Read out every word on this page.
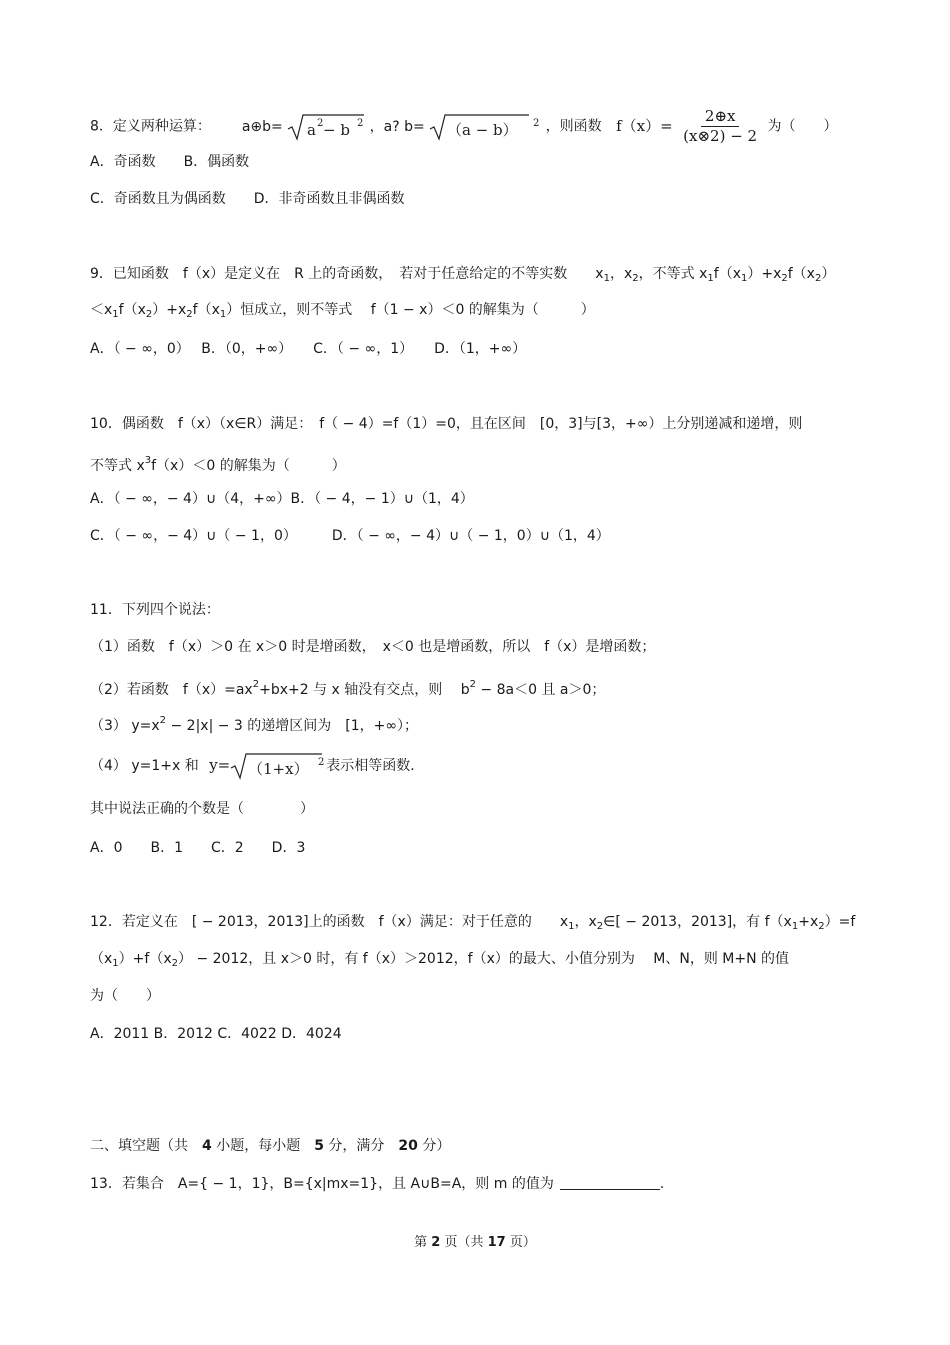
8．定义两种运算： a⊕b= a 2 − b 2 ，a? b= （a − b） 2 ，则函数 $f(x)= \frac{2\oplus x}{(x\otimes 2) - 2}$ 为（　　）
A．奇函数　　B．偶函数
C．奇函数且为偶函数　　D．非奇函数且非偶函数
9．已知函数　f（x）是定义在　R 上的奇函数，　若对于任意给定的不等实数　　$x_1$，$x_2$，不等式 $x_1f(x_1)+x_2f(x_2)$
$<x_1f(x_2)+x_2f(x_1)$恒成立，则不等式　 f（1 − x）＜0 的解集为（　　　）
A．（ − ∞，0）　 B．（0，+∞）　　C．（ − ∞，1）　　D．（1，+∞）
10．偶函数　f（x）（x∈R）满足：　f（ − 4）=f（1）=0，且在区间　[0，3]与[3，+∞）上分别递减和递增，则
不等式 $x^3f(x)<0$ 的解集为（　　　）
A．（ − ∞，− 4）∪（4，+∞）B．（ − 4，− 1）∪（1，4）
C．（ − ∞，− 4）∪（ − 1，0）　　　D．（ − ∞，− 4）∪（ − 1，0）∪（1，4）
11．下列四个说法：
（1）函数　f（x）＞0 在 x＞0 时是增函数，　x＜0 也是增函数，所以　f（x）是增函数；
（2）若函数　$f(x)=ax^2+bx+2$ 与 x 轴没有交点，则　 $b^2 - 8a<0$ 且 a＞0；
（3） $y=x^2 - 2|x| - 3$ 的递增区间为　[1，+∞）；
（4） y=1+x 和 y= （1+x） 2 表示相等函数.
其中说法正确的个数是（　　　　）
A．0　　B．1　　C．2　　D．3
12．若定义在　[ − 2013，2013]上的函数　f（x）满足：对于任意的　　$x_1$，$x_2\in[ - 2013$，2013]，有 $f(x_1+x_2)=f$
$(x_1)+f(x_2) - 2012$，且 x＞0 时，有 f（x）＞2012，f（x）的最大、小值分别为　 M、N，则 M+N 的值
为（　　）
A．2011 B．2012 C．4022 D．4024
二、填空题（共　4 小题，每小题　5 分，满分　20 分）
13．若集合　A={ − 1，1}，B={x|mx=1}，且 A∪B=A，则 m 的值为	.
第 2 页（共 17 页）
